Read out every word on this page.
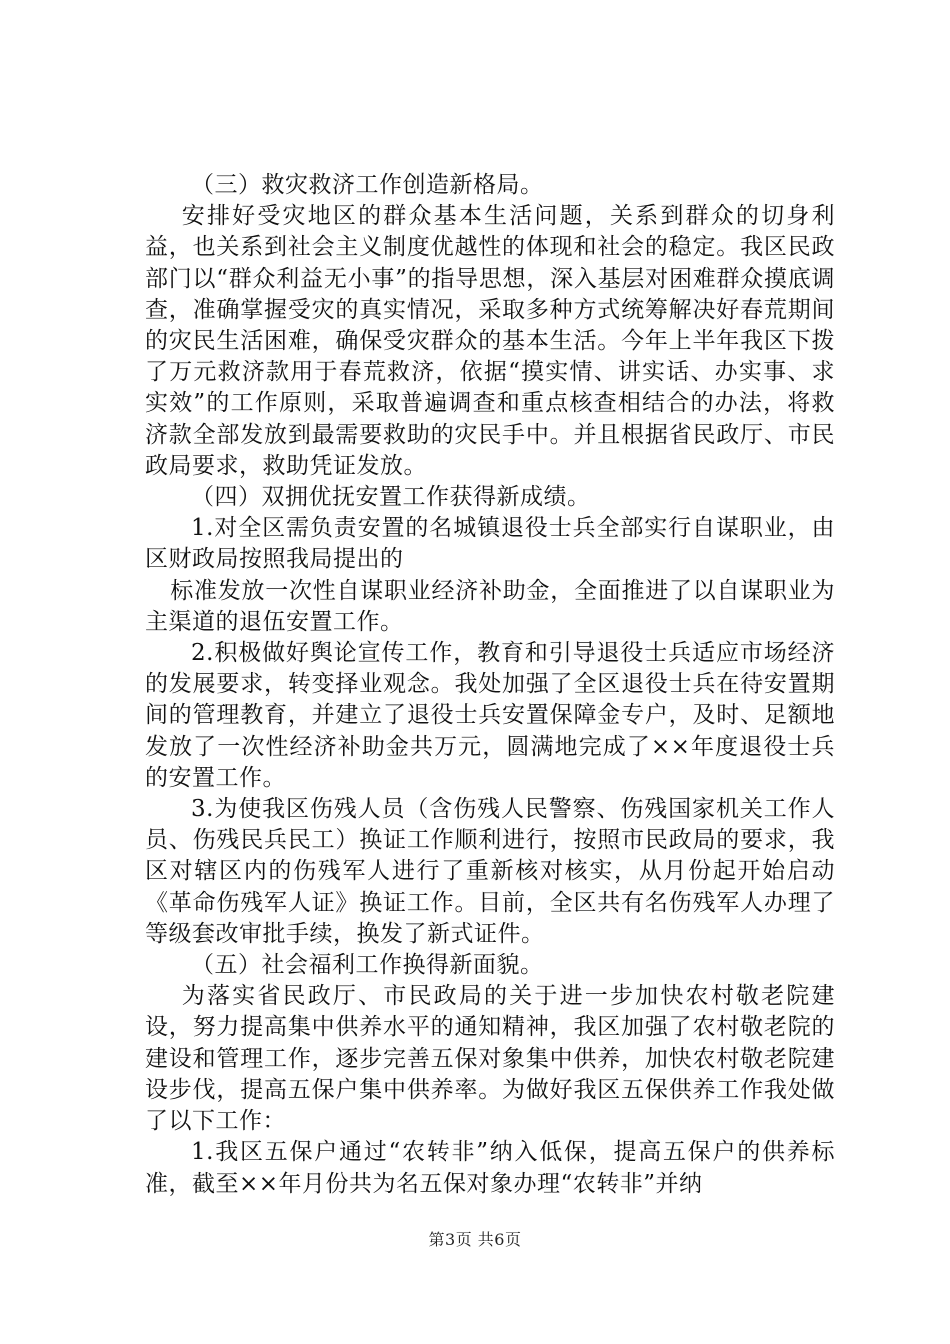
（三）救灾救济工作创造新格局。

安排好受灾地区的群众基本生活问题，关系到群众的切身利益，也关系到社会主义制度优越性的体现和社会的稳定。我区民政部门以“群众利益无小事”的指导思想，深入基层对困难群众摸底调查，准确掌握受灾的真实情况，采取多种方式统筹解决好春荒期间的灾民生活困难，确保受灾群众的基本生活。今年上半年我区下拨了万元救济款用于春荒救济，依据“摸实情、讲实话、办实事、求实效”的工作原则，采取普遍调查和重点核查相结合的办法，将救济款全部发放到最需要救助的灾民手中。并且根据省民政厅、市民政局要求，救助凭证发放。

（四）双拥优抚安置工作获得新成绩。

1.对全区需负责安置的名城镇退役士兵全部实行自谋职业，由区财政局按照我局提出的

标准发放一次性自谋职业经济补助金，全面推进了以自谋职业为主渠道的退伍安置工作。

2.积极做好舆论宣传工作，教育和引导退役士兵适应市场经济的发展要求，转变择业观念。我处加强了全区退役士兵在待安置期间的管理教育，并建立了退役士兵安置保障金专户，及时、足额地发放了一次性经济补助金共万元，圆满地完成了××年度退役士兵的安置工作。

3.为使我区伤残人员（含伤残人民警察、伤残国家机关工作人员、伤残民兵民工）换证工作顺利进行，按照市民政局的要求，我区对辖区内的伤残军人进行了重新核对核实，从月份起开始启动《革命伤残军人证》换证工作。目前，全区共有名伤残军人办理了等级套改审批手续，换发了新式证件。

（五）社会福利工作换得新面貌。

为落实省民政厅、市民政局的关于进一步加快农村敬老院建设，努力提高集中供养水平的通知精神，我区加强了农村敬老院的建设和管理工作，逐步完善五保对象集中供养，加快农村敬老院建设步伐，提高五保户集中供养率。为做好我区五保供养工作我处做了以下工作：

1.我区五保户通过“农转非”纳入低保，提高五保户的供养标准，截至××年月份共为名五保对象办理“农转非”并纳

第3页 共6页
